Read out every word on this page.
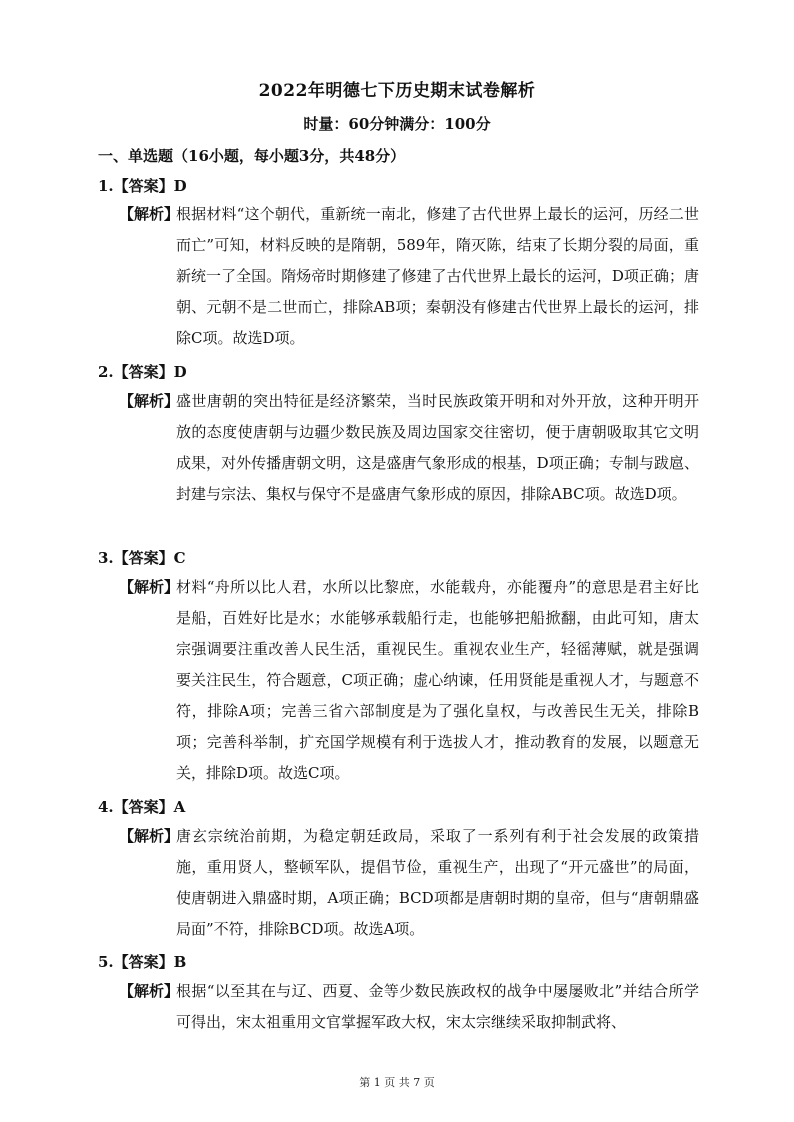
2022年明德七下历史期末试卷解析
时量：60分钟满分：100分
一、单选题（16小题，每小题3分，共48分）
1.【答案】D
【解析】
根据材料“这个朝代，重新统一南北，修建了古代世界上最长的运河，历经二世而亡”可知，材料反映的是隋朝，589年，隋灭陈，结束了长期分裂的局面，重新统一了全国。隋炀帝时期修建了修建了古代世界上最长的运河，D项正确；唐朝、元朝不是二世而亡，排除AB项；秦朝没有修建古代世界上最长的运河，排除C项。故选D项。
2.【答案】D
【解析】
盛世唐朝的突出特征是经济繁荣，当时民族政策开明和对外开放，这种开明开放的态度使唐朝与边疆少数民族及周边国家交往密切，便于唐朝吸取其它文明成果，对外传播唐朝文明，这是盛唐气象形成的根基，D项正确；专制与跋扈、封建与宗法、集权与保守不是盛唐气象形成的原因，排除ABC项。故选D项。
3.【答案】C
【解析】
材料“舟所以比人君，水所以比黎庶，水能载舟，亦能覆舟”的意思是君主好比是船，百姓好比是水；水能够承载船行走，也能够把船掀翻，由此可知，唐太宗强调要注重改善人民生活，重视民生。重视农业生产，轻徭薄赋，就是强调要关注民生，符合题意，C项正确；虚心纳谏，任用贤能是重视人才，与题意不符，排除A项；完善三省六部制度是为了强化皇权，与改善民生无关，排除B项；完善科举制，扩充国学规模有利于选拔人才，推动教育的发展，以题意无关，排除D项。故选C项。
4.【答案】A
【解析】
唐玄宗统治前期，为稳定朝廷政局，采取了一系列有利于社会发展的政策措施，重用贤人，整顿军队，提倡节俭，重视生产，出现了“开元盛世”的局面，使唐朝进入鼎盛时期，A项正确；BCD项都是唐朝时期的皇帝，但与“唐朝鼎盛局面”不符，排除BCD项。故选A项。
5.【答案】B
【解析】
根据“以至其在与辽、西夏、金等少数民族政权的战争中屡屡败北”并结合所学可得出，宋太祖重用文官掌握军政大权，宋太宗继续采取抑制武将、
第 1 页 共 7 页
